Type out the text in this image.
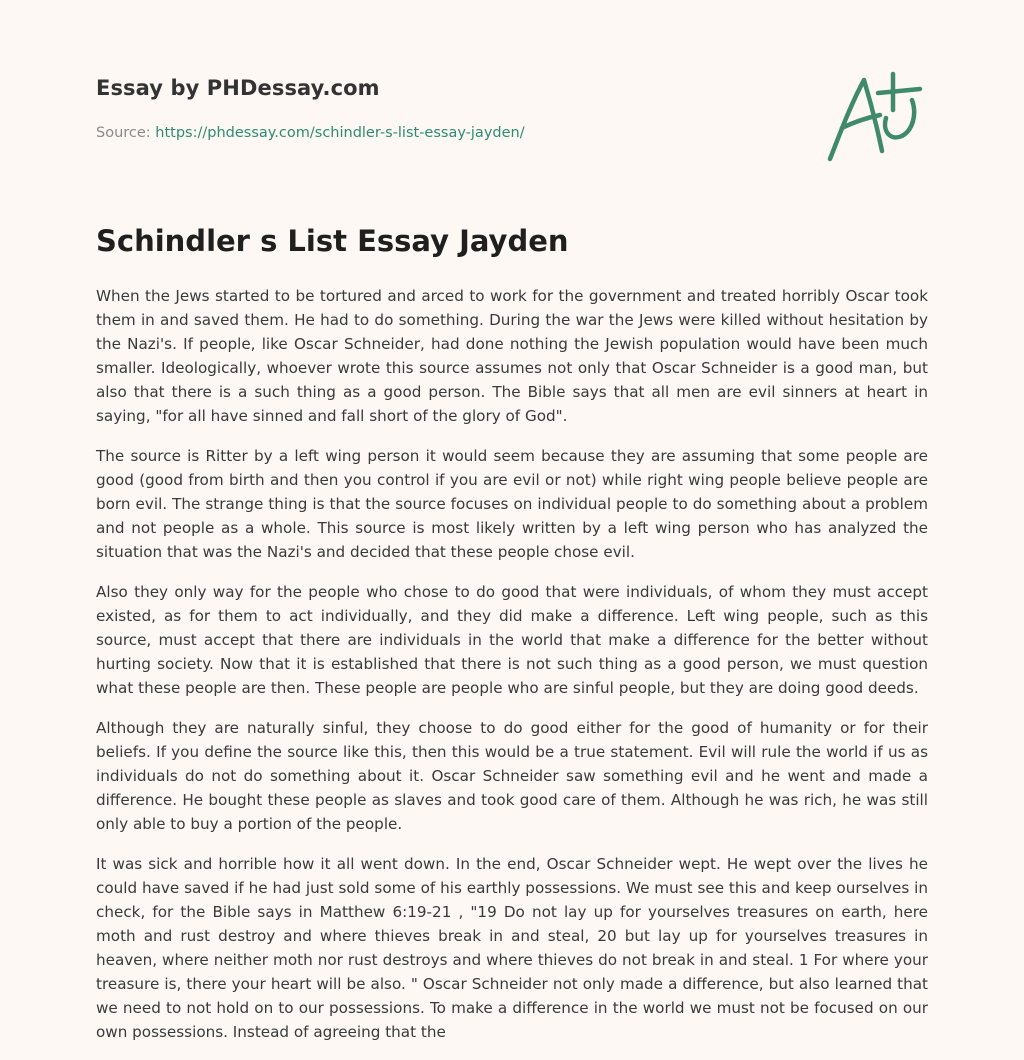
Essay by PHDessay.com
Source: https://phdessay.com/schindler-s-list-essay-jayden/
Schindler s List Essay Jayden

When the Jews started to be tortured and arced to work for the government and treated horribly Oscar took them in and saved them. He had to do something. During the war the Jews were killed without hesitation by the Nazi's. If people, like Oscar Schneider, had done nothing the Jewish population would have been much smaller. Ideologically, whoever wrote this source assumes not only that Oscar Schneider is a good man, but also that there is a such thing as a good person. The Bible says that all men are evil sinners at heart in saying, "for all have sinned and fall short of the glory of God".

The source is Ritter by a left wing person it would seem because they are assuming that some people are good (good from birth and then you control if you are evil or not) while right wing people believe people are born evil. The strange thing is that the source focuses on individual people to do something about a problem and not people as a whole. This source is most likely written by a left wing person who has analyzed the situation that was the Nazi's and decided that these people chose evil.

Also they only way for the people who chose to do good that were individuals, of whom they must accept existed, as for them to act individually, and they did make a difference. Left wing people, such as this source, must accept that there are individuals in the world that make a difference for the better without hurting society. Now that it is established that there is not such thing as a good person, we must question what these people are then. These people are people who are sinful people, but they are doing good deeds.

Although they are naturally sinful, they choose to do good either for the good of humanity or for their beliefs. If you define the source like this, then this would be a true statement. Evil will rule the world if us as individuals do not do something about it. Oscar Schneider saw something evil and he went and made a difference. He bought these people as slaves and took good care of them. Although he was rich, he was still only able to buy a portion of the people.

It was sick and horrible how it all went down. In the end, Oscar Schneider wept. He wept over the lives he could have saved if he had just sold some of his earthly possessions. We must see this and keep ourselves in check, for the Bible says in Matthew 6:19-21 , "19 Do not lay up for yourselves treasures on earth, here moth and rust destroy and where thieves break in and steal, 20 but lay up for yourselves treasures in heaven, where neither moth nor rust destroys and where thieves do not break in and steal. 1 For where your treasure is, there your heart will be also. " Oscar Schneider not only made a difference, but also learned that we need to not hold on to our possessions. To make a difference in the world we must not be focused on our own possessions. Instead of agreeing that the
